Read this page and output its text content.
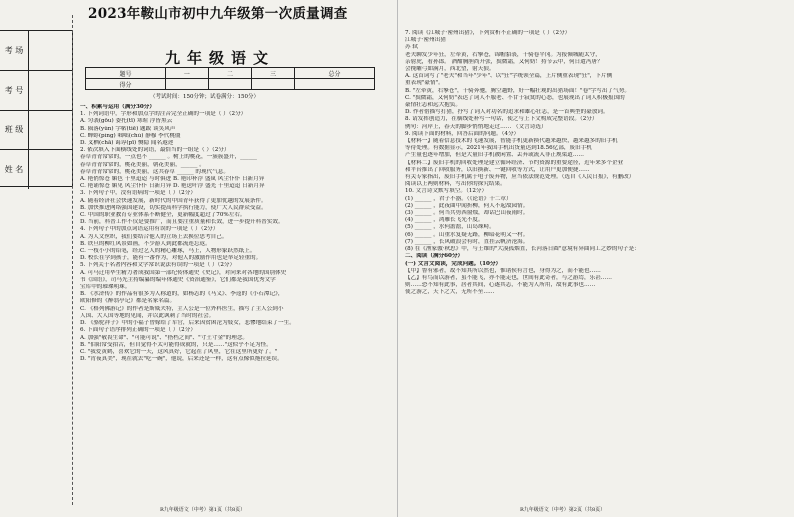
考 场
考 号
班 级
姓 名
2023年鞍山市初中九年级第一次质量调查
九年级语文
题号	一	二	三	总分
得分				
（考试时间：150分钟；试卷满分：150分）
一、积累与运用（满分30分）
1. 下列词语中，字形和加点字的注音完全正确的一项是（ ）（2分）
A. 匀袭(gōu) 委托(tī) 寒暄 浮皆黑云
B. 陨落(yǔn) 字帖(tiē) 题跋 谈笑风声
C. 蝉蜉(píng) 咄咄(chù) 静穆 李代桃僵
D. 叉栖(chā) 诲谆(pī) 恻隐 闻名遐迩
2. 依次填入下面横线处的词语，最恰当的一组是（ ）（2分）
春草青青常常的，一点也不 ______ 。树上的桃花，一簇簇盛开，______
春草青青常常的，桃花美丽，朝花美丽，______ 。
春草青青常常的，桃花美丽，这共春草 ______ 的现代气息。
A. 艳俏惊苍 媚色 千里迢迢 与时俱进 B. 艳印补浮 盛岚 风尘仆仆 日新月异
C. 艳诵惊苍 媚见 风尘仆仆 日新月异 D. 艳送叶浮 盛光 千里迢迢 日新月异
3. 下列句子中，没有语病的一项是（ ）（2分）
A. 随着经济社会快速发展，新时代的中国青年获得了更加优越的发展条件。
B. 加快推进网络强国建设，切实提高科学执行能力，使广大人民群众受益。
C. 中国的职业教育专业体系不断健全，更新幅度超过了70%左右。
D. 当前，科普工作不仅是要推广，而且要注重质量和长效，进一步提升科普实效。
4. 下列句子中的加点词语运用有误的一项是（ ）（2分）
A. 为人文丝织，我们要结合他人的立场上去换位思考自己。
B. 铁旦的柳红风景如画，不少游人到此都流连忘返。
C. 一枝小小的铅笔，经过艺人的精心雕琢，马上，人物形象跃然纸上。
D. 校长在学到孩子，能有一番作为，对他人的激励作用也是举足轻重的。
5. 下列关于名著内容和文学常识说法有误的一项是（ ）（2分）
A. 可马迁用毕生精力著成我国第一部纪传体通史《史记》，对向来对各地的国别体史
书《国语》，司马光主持编纂的编年体通史《资治通鉴》，它们都是我国优秀文学
宝库中的璀璨明珠。
B. 《水浒传》的作品有很多为人称道的，如杨志的《马义》、李逵的《小石潭记》，
欧阳修的《醉翁亭记》都是名家名篇。
C. 《格列佛游记》的作者是斯威夫特，主人公是一位外科医生，描写了主人公到小
人国、大人国等地的见闻，并以此讽刺了当时的社会。
D. 《骆驼祥子》中的小福子曾嫁给了军官，后来因贫困沦为妓女，悲惨地结束了一生。
6. 下面句子语序排列正确的一项是（ ）（2分）
A. 加强"敬畏生命"、"可能可说"、"搭档之间"、"寸土寸金"的理念。
B. "伯阳常受拍古，但自觉得不太可能得成就的，只是……"这似乎不足为怪。
C. "我爱黄鹤，喜欢它的一天，这风真好，它起在了风里，它在这里所更好了。"
D. "宵夜真美"，现在就去"吃一碗"，他说，后来还是一样，这有点像似拖拉延误。
7. 阅读《江城子·密州出猎》，下列赏析不正确的一项是（ ）（2分）
江城子·密州出猎
苏 轼
老夫聊发少年狂，左牵黄，右擎苍，锦帽貂裘，千骑卷平冈。为报倾城随太守，
亲射虎，看孙郎。 酒酣胸胆尚开张，鬓微霜，又何妨！持节云中，何日遣冯唐？
会挽雕弓如满月，西北望，射天狼。
A. 这首词写了"老夫"和当年"少年"、以"狂"字统领全篇，上片侧重表现"狂"，下片侧
重表现"豪情"。
B. "左牵黄，右擎苍"，千骑奔驰，腾空越野，好一幅壮观的出猎场面！"卷"字写出了气势。
C. "鬓微霜，又何妨"表达了词人不服老、不甘于寂寞的心态，也展现出了词人积极报国的
豪情壮志和远大抱负。
D. 作者借描写打猎，抒写了词人对功名的追求和雄心壮志，是一首典型的豪放词。
8. 请发挥创造力，在横线处补写一句话，使之与上下文构成完整语段。（2分）
例句：河岸上，春天的脚步悄悄地走过…… （文言诗选）
9. 阅读下面的材料，回答后面的问题。（4分）
【材料一】随着信息技术的飞速发展，智能手机更新换代越来越快，越来越多的旧手机
等待处理。有数据显示，2021年我国手机出货量达到18.56亿部，废旧手机
产生量也逐年增加，但是大量旧手机被闲置、丢弃或流入非正规渠道……
【材料二】废旧手机的回收处理是建立循环经济、节约资源的重要途径，近年来多个企业
和平台推出了回收服务，以旧换新、一键回收等方式，让用户更加便捷……
有关专家指出，废旧手机属于电子废弃物，应当依法规范处理。（选自《人民日报》，有删改）
阅读以上两则材料，写出你的探究结果。
10. 文言诗文默写填空。（12分）
(1) ______ ，君子不器。（《论语》十二章）
(2) ______ ，此夜曲中闻折柳，何人不起故园情。
(3) ______ 。何当共剪西窗烛，却话巴山夜雨时。
(4) ______ ，鸿雁长飞光不度。
(5) ______ ，水何澹澹，山岛竦峙。
(6) ______ 。山重水复疑无路，柳暗花明又一村。
(7) ______ ，长风破浪会有时，直挂云帆济沧海。
(8) 在《渔家傲·秋思》中，与王维的"大漠孤烟直，长河落日圆"意境有异曲同工之妙的句子是：
二、阅读（满分60分）
(一) 文言文阅读，完成问题。（10分）
【甲】鲁有邪者，故不知其所以然也，惟诸侯有言也，身得为之，而不能也……
【乙】有鸟而以游者，虽不能飞，亦不能走也，世间有此奇者，与之游焉，乐甚……
则……恐不知有此事，居者其间，心遂其志，不能为人所用，故有此事也……
使之游之，天下之大，无所不至……
R九年级语文（中考）第1页（共8页）	R九年级语文（中考）第2页（共8页）
